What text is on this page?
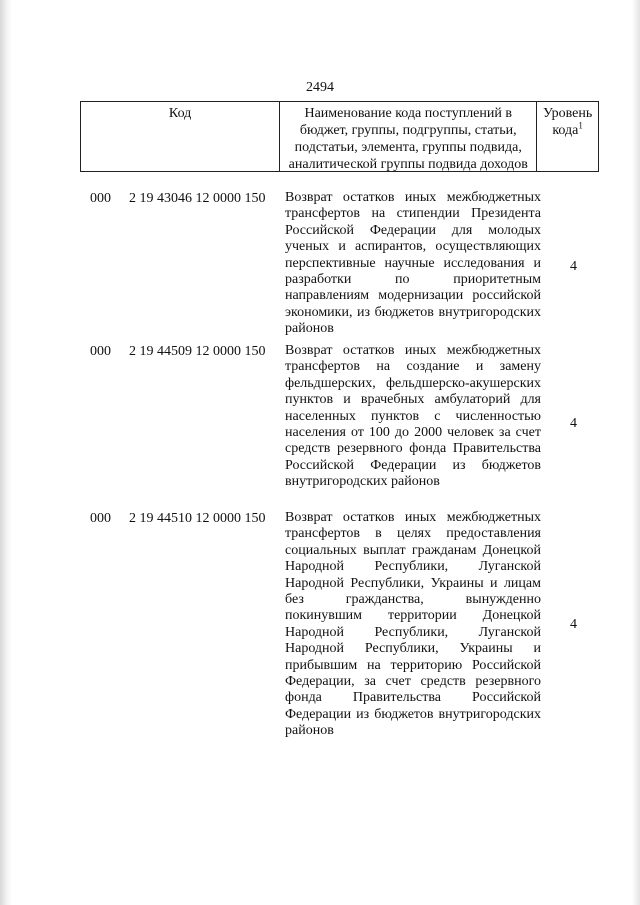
2494
Код	Наименование кода поступлений в бюджет, группы, подгруппы, статьи, подстатьи, элемента, группы подвида, аналитической группы подвида доходов
Уровень кода$^1$
000 2 19 43046 12 0000 150 Возврат остатков иных межбюджетных трансфертов на стипендии Президента Российской Федерации для молодых ученых и аспирантов, осуществляющих перспективные научные исследования и разработки по приоритетным направлениям модернизации российской экономики, из бюджетов внутригородских районов
4
000 2 19 44509 12 0000 150 Возврат остатков иных межбюджетных трансфертов на создание и замену фельдшерских, фельдшерско-акушерских пунктов и врачебных амбулаторий для населенных пунктов с численностью населения от 100 до 2000 человек за счет средств резервного фонда Правительства Российской Федерации из бюджетов внутригородских районов
4
000 2 19 44510 12 0000 150 Возврат остатков иных межбюджетных трансфертов в целях предоставления социальных выплат гражданам Донецкой Народной Республики, Луганской Народной Республики, Украины и лицам без гражданства, вынужденно покинувшим территории Донецкой Народной Республики, Луганской Народной Республики, Украины и прибывшим на территорию Российской Федерации, за счет средств резервного фонда Правительства Российской Федерации из бюджетов внутригородских районов
4
